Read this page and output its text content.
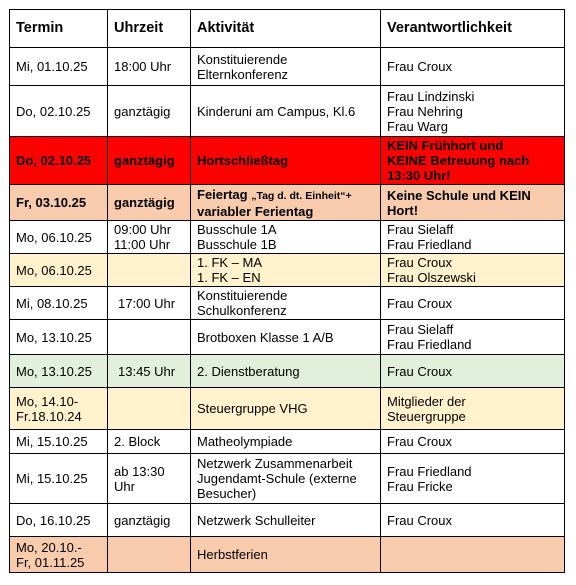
Termin	Uhrzeit	Aktivität	Verantwortlichkeit
Mi, 01.10.25	18:00 Uhr	Konstituierende
Elternkonferenz	Frau Croux
Do, 02.10.25	ganztägig	Kinderuni am Campus, Kl.6	Frau Lindzinski
Frau Nehring
Frau Warg

Do, 02.10.25	ganztägig	Hortschließtag	KEIN Frühhort und
KEINE Betreuung nach
13:30 Uhr!

Fr, 03.10.25	ganztägig	Feiertag „Tag d. dt. Einheit“+
variabler Ferientag	Keine Schule und KEIN
Hort!

Mo, 06.10.25	09:00 Uhr
11:00 Uhr	Busschule 1A
Busschule 1B	Frau Sielaff
Frau Friedland

Mo, 06.10.25		1. FK – MA
1. FK – EN	Frau Croux
Frau Olszewski

Mi, 08.10.25	17:00 Uhr	Konstituierende
Schulkonferenz	Frau Croux
Mo, 13.10.25		Brotboxen Klasse 1 A/B	Frau Sielaff
Frau Friedland

Mo, 13.10.25	13:45 Uhr	2. Dienstberatung	Frau Croux

Mo, 14.10-
Fr.18.10.24		Steuergruppe VHG	Mitglieder der
Steuergruppe

Mi, 15.10.25	2. Block	Matheolympiade	Frau Croux
Mi, 15.10.25	ab 13:30
Uhr	Netzwerk Zusammenarbeit
Jugendamt-Schule (externe
Besucher)	Frau Friedland
Frau Fricke

Do, 16.10.25	ganztägig	Netzwerk Schulleiter	Frau Croux

Mo, 20.10.-
Fr, 01.11.25		Herbstferien	
